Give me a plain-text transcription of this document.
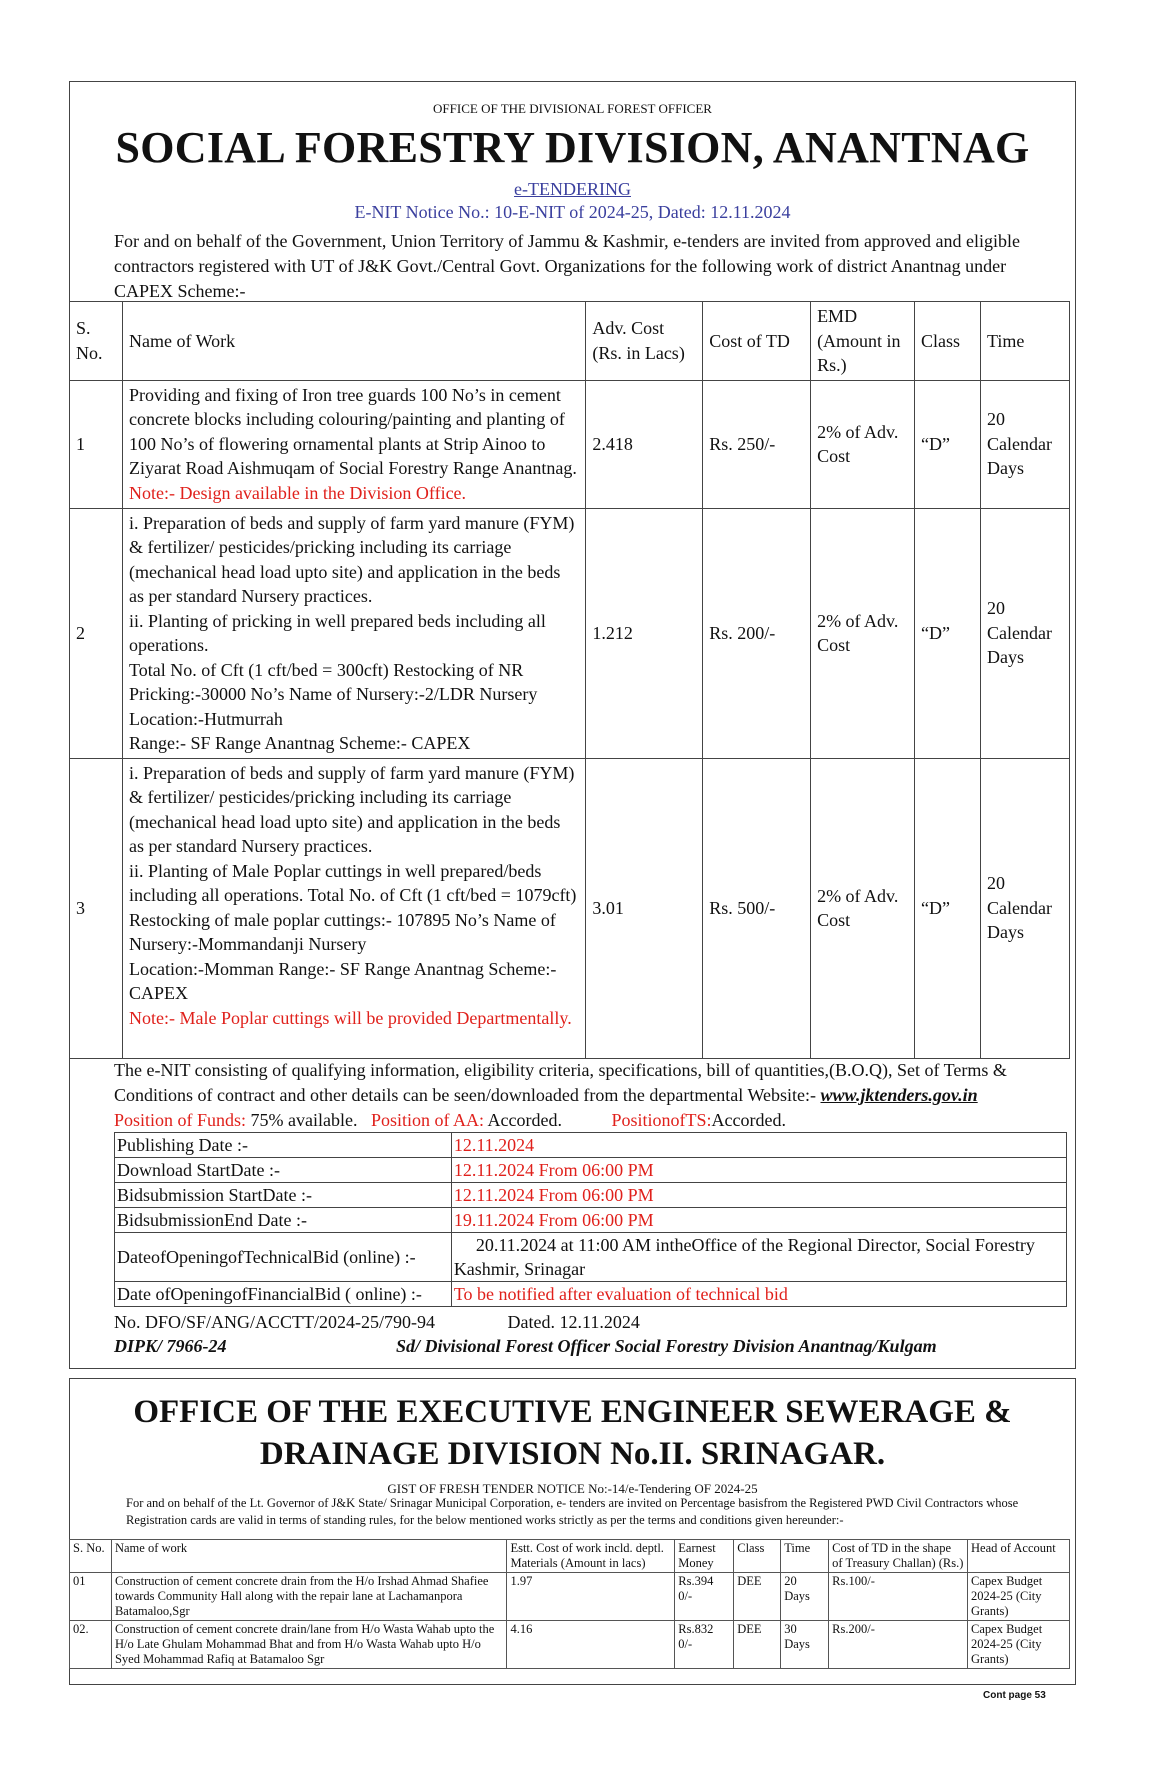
OFFICE OF THE DIVISIONAL FOREST OFFICER
SOCIAL FORESTRY DIVISION, ANANTNAG
e-TENDERING
E-NIT Notice No.: 10-E-NIT of 2024-25, Dated: 12.11.2024
For and on behalf of the Government, Union Territory of Jammu & Kashmir, e-tenders are invited from approved and eligible contractors registered with UT of J&K Govt./Central Govt. Organizations for the following work of district Anantnag under CAPEX Scheme:-
S. No.	Name of Work	Adv. Cost (Rs. in Lacs)	Cost of TD	EMD (Amount in Rs.)	Class	Time
1	Providing and fixing of Iron tree guards 100 No’s in cement concrete blocks including colouring/painting and planting of 100 No’s of flowering ornamental plants at Strip Ainoo to Ziyarat Road Aishmuqam of Social Forestry Range Anantnag. Note:- Design available in the Division Office.	2.418	Rs. 250/-	2% of Adv. Cost	“D”	20 Calendar Days
2	i. Preparation of beds and supply of farm yard manure (FYM) & fertilizer/ pesticides/pricking including its carriage (mechanical head load upto site) and application in the beds as per standard Nursery practices.
ii. Planting of pricking in well prepared beds including all operations.
Total No. of Cft (1 cft/bed = 300cft) Restocking of NR Pricking:-30000 No’s Name of Nursery:-2/LDR Nursery
Location:-Hutmurrah
Range:- SF Range Anantnag Scheme:- CAPEX	1.212	Rs. 200/-	2% of Adv. Cost	“D”	20 Calendar Days
3	i. Preparation of beds and supply of farm yard manure (FYM) & fertilizer/ pesticides/pricking including its carriage (mechanical head load upto site) and application in the beds as per standard Nursery practices.
ii. Planting of Male Poplar cuttings in well prepared/beds including all operations. Total No. of Cft (1 cft/bed = 1079cft) Restocking of male poplar cuttings:- 107895 No’s Name of Nursery:-Mommandanji Nursery
Location:-Momman Range:- SF Range Anantnag Scheme:- CAPEX
Note:- Male Poplar cuttings will be provided Departmentally.	3.01	Rs. 500/-	2% of Adv. Cost	“D”	20 Calendar Days
The e-NIT consisting of qualifying information, eligibility criteria, specifications, bill of quantities,(B.O.Q), Set of Terms & Conditions of contract and other details can be seen/downloaded from the departmental Website:- www.jktenders.gov.in
Position of Funds: 75% available. Position of AA: Accorded.	PositionofTS:Accorded.
Publishing Date :-	12.11.2024
Download StartDate :-	12.11.2024 From 06:00 PM
Bidsubmission StartDate :-	12.11.2024 From 06:00 PM
BidsubmissionEnd Date :-	19.11.2024 From 06:00 PM
DateofOpeningofTechnicalBid (online) :-	20.11.2024 at 11:00 AM intheOffice of the Regional Director, Social Forestry Kashmir, Srinagar
Date ofOpeningofFinancialBid ( online) :-	To be notified after evaluation of technical bid
No. DFO/SF/ANG/ACCTT/2024-25/790-94	Dated. 12.11.2024
DIPK/ 7966-24	Sd/ Divisional Forest Officer Social Forestry Division Anantnag/Kulgam
OFFICE OF THE EXECUTIVE ENGINEER SEWERAGE &
DRAINAGE DIVISION No.II. SRINAGAR.
GIST OF FRESH TENDER NOTICE No:-14/e-Tendering OF 2024-25
For and on behalf of the Lt. Governor of J&K State/ Srinagar Municipal Corporation, e- tenders are invited on Percentage basisfrom the Registered PWD Civil Contractors whose Registration cards are valid in terms of standing rules, for the below mentioned works strictly as per the terms and conditions given hereunder:-
S. No.	Name of work	Estt. Cost of work incld. deptl. Materials (Amount in lacs)	Earnest Money	Class	Time	Cost of TD in the shape of Treasury Challan) (Rs.)	Head of Account
01	Construction of cement concrete drain from the H/o Irshad Ahmad Shafiee towards Community Hall along with the repair lane at Lachamanpora Batamaloo,Sgr	1.97	Rs.394 0/-	DEE	20 Days	Rs.100/-	Capex Budget 2024-25 (City Grants)
02.	Construction of cement concrete drain/lane from H/o Wasta Wahab upto the H/o Late Ghulam Mohammad Bhat and from H/o Wasta Wahab upto H/o Syed Mohammad Rafiq at Batamaloo Sgr	4.16	Rs.832 0/-	DEE	30 Days	Rs.200/-	Capex Budget 2024-25 (City Grants)
Cont page 53
